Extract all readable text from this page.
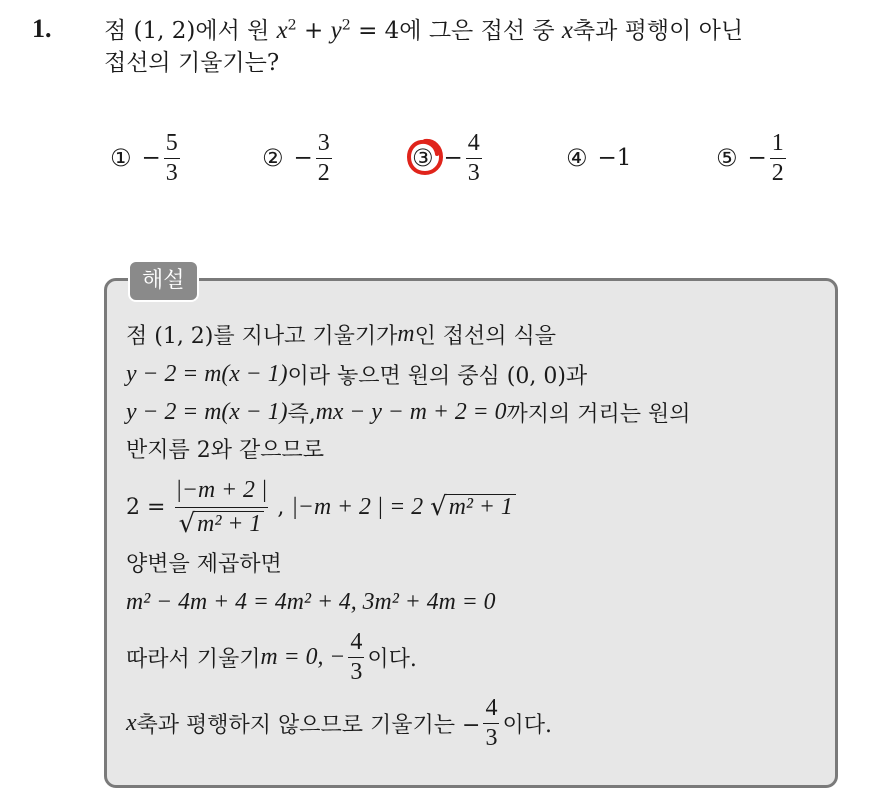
1. 점 (1, 2)에서 원 $x^2 + y^2 = 4$에 그은 접선 중 x축과 평행이 아닌
접선의 기울기는?
① − $\frac{5}{3}$	② − $\frac{3}{2}$	③ − $\frac{4}{3}$	④ −1	⑤ − $\frac{1}{2}$
해설
점 (1, 2)를 지나고 기울기가 m 인 접선의 식을
y − 2 = m(x − 1) 이라 놓으면 원의 중심 (0, 0)과
y − 2 = m(x − 1) 즉, mx − y − m + 2 = 0 까지의 거리는 원의
반지름 2와 같으므로
$2 = \frac{|-m + 2 |}{\text{√ m² + 1}}$ ,
|−m + 2 | = 2
√ m² + 1
양변을 제곱하면
m² − 4m + 4 = 4m² + 4, 3m² + 4m = 0
따라서 기울기 m = 0, − $\frac{4}{3}$ 이다.
x 축과 평행하지 않으므로 기울기는 − $\frac{4}{3}$ 이다.
